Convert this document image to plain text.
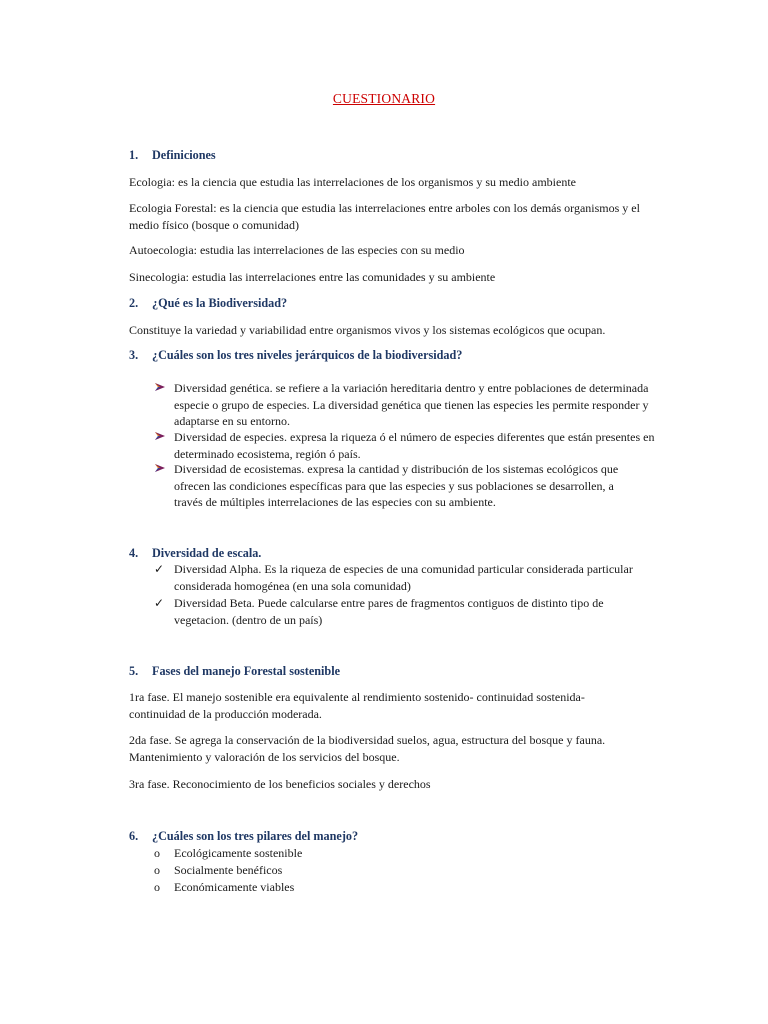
CUESTIONARIO
1. Definiciones
Ecologia: es la ciencia que estudia las interrelaciones de los organismos y su medio ambiente
Ecologia Forestal: es la ciencia que estudia las interrelaciones entre arboles con los demás organismos y el medio físico (bosque o comunidad)
Autoecologia: estudia las interrelaciones de las especies con su medio
Sinecologia: estudia las interrelaciones entre las comunidades y su ambiente
2. ¿Qué es la Biodiversidad?
Constituye la variedad y variabilidad entre organismos vivos y los sistemas ecológicos que ocupan.
3. ¿Cuáles son los tres niveles jerárquicos de la biodiversidad?
Diversidad genética. se refiere a la variación hereditaria dentro y entre poblaciones de determinada especie o grupo de especies. La diversidad genética que tienen las especies les permite responder y adaptarse en su entorno.
Diversidad de especies. expresa la riqueza ó el número de especies diferentes que están presentes en determinado ecosistema, región ó país.
Diversidad de ecosistemas. expresa la cantidad y distribución de los sistemas ecológicos que ofrecen las condiciones específicas para que las especies y sus poblaciones se desarrollen, a través de múltiples interrelaciones de las especies con su ambiente.
4. Diversidad de escala.
✓ Diversidad Alpha. Es la riqueza de especies de una comunidad particular considerada particular considerada homogénea (en una sola comunidad)
✓ Diversidad Beta. Puede calcularse entre pares de fragmentos contiguos de distinto tipo de vegetacion. (dentro de un país)
5. Fases del manejo Forestal sostenible
1ra fase. El manejo sostenible era equivalente al rendimiento sostenido- continuidad sostenida- continuidad de la producción moderada.
2da fase. Se agrega la conservación de la biodiversidad suelos, agua, estructura del bosque y fauna. Mantenimiento y valoración de los servicios del bosque.
3ra fase. Reconocimiento de los beneficios sociales y derechos
6. ¿Cuáles son los tres pilares del manejo?
o Ecológicamente sostenible
o Socialmente benéficos
o Económicamente viables
